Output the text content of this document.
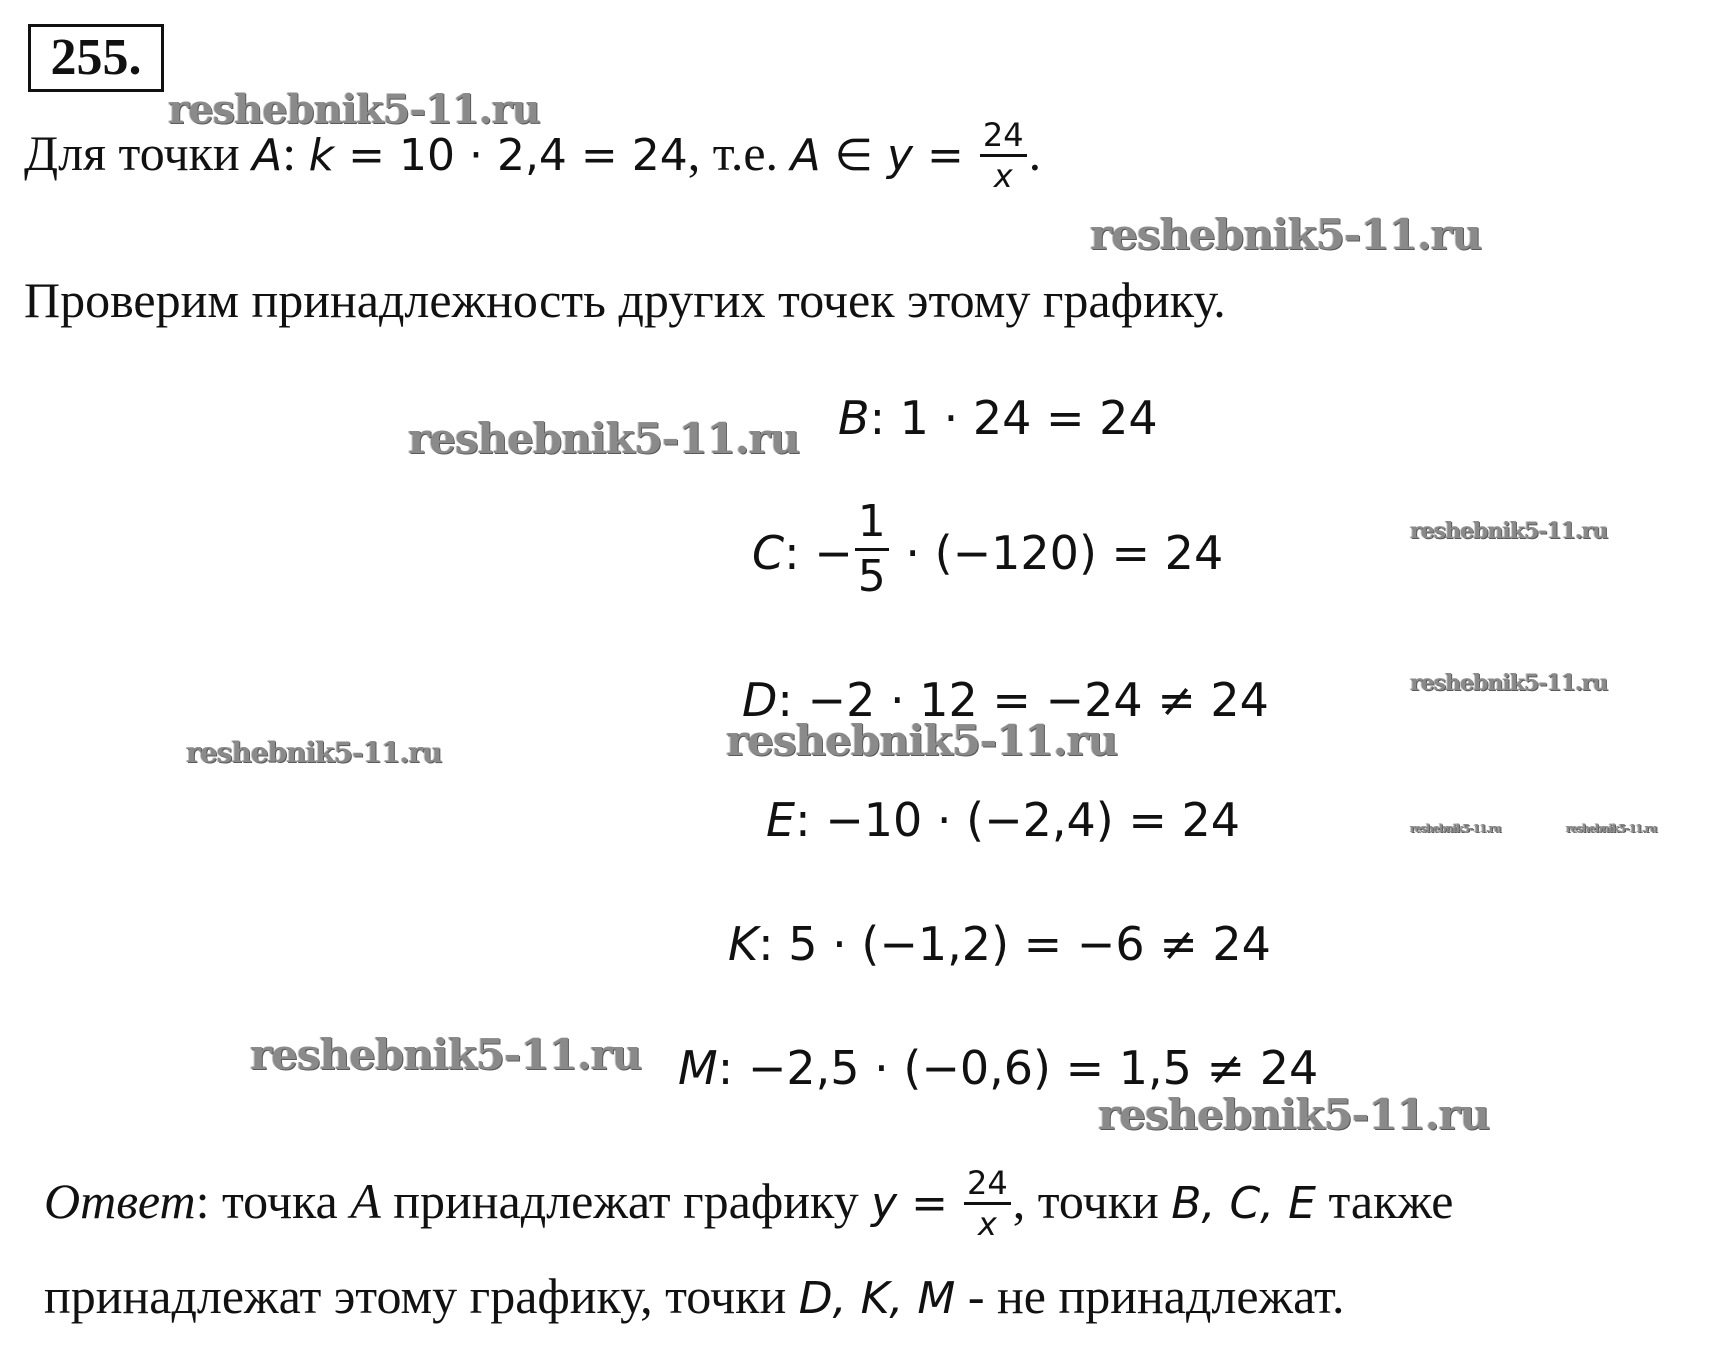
255.
Для точки A: k = 10 · 2,4 = 24, т.е. A ∈ $y = \frac{24}{x}$ .
Проверим принадлежность других точек этому графику.
B: 1 · 24 = 24
C: − $\frac{1}{5} \cdot (-120) = 24$
D: −2 · 12 = −24 ≠ 24
E: −10 · (−2,4) = 24
K: 5 · (−1,2) = −6 ≠ 24
M: −2,5 · (−0,6) = 1,5 ≠ 24
Ответ: точка A принадлежат графику $y = \frac{24}{x}$ , точки B, C, E также
принадлежат этому графику, точки D, K, M - не принадлежат.
reshebnik5-11.ru
reshebnik5-11.ru
reshebnik5-11.ru
reshebnik5-11.ru
reshebnik5-11.ru
reshebnik5-11.ru	reshebnik5-11.ru
reshebnik5-11.ru	reshebnik5-11.ru
reshebnik5-11.ru
reshebnik5-11.ru
